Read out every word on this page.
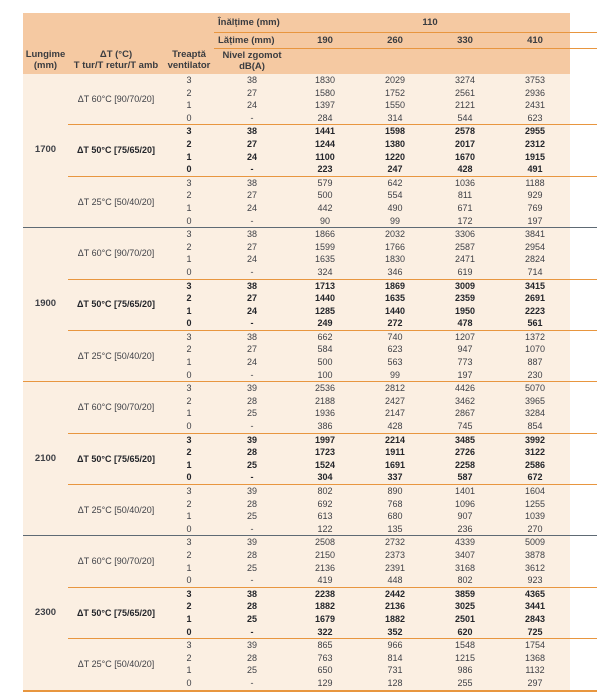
Lungime
(mm)

ΔT (°C)
T tur/T retur/T amb

Treaptă
ventilator
	Înălțime (mm)	110	
			Lățime (mm)	190	260	330	410	

			Nivel zgomot
dB(A)					

1700	ΔT 60°C [90/70/20]	3	38	1830	2029	3274	3753	
		2	27	1580	1752	2561	2936	
		1	24	1397	1550	2121	2431	
		0	-	284	314	544	623	
	ΔT 50°C [75/65/20]	3	38	1441	1598	2578	2955	
		2	27	1244	1380	2017	2312	
		1	24	1100	1220	1670	1915	
		0	-	223	247	428	491	
	ΔT 25°C [50/40/20]	3	38	579	642	1036	1188	
		2	27	500	554	811	929	
		1	24	442	490	671	769	
		0	-	90	99	172	197	
1900	ΔT 60°C [90/70/20]	3	38	1866	2032	3306	3841	
		2	27	1599	1766	2587	2954	
		1	24	1635	1830	2471	2824	
		0	-	324	346	619	714	
	ΔT 50°C [75/65/20]	3	38	1713	1869	3009	3415	
		2	27	1440	1635	2359	2691	
		1	24	1285	1440	1950	2223	
		0	-	249	272	478	561	
	ΔT 25°C [50/40/20]	3	38	662	740	1207	1372	
		2	27	584	623	947	1070	
		1	24	500	563	773	887	
		0	-	100	99	197	230	
2100	ΔT 60°C [90/70/20]	3	39	2536	2812	4426	5070	
		2	28	2188	2427	3462	3965	
		1	25	1936	2147	2867	3284	
		0	-	386	428	745	854	
	ΔT 50°C [75/65/20]	3	39	1997	2214	3485	3992	
		2	28	1723	1911	2726	3122	
		1	25	1524	1691	2258	2586	
		0	-	304	337	587	672	
	ΔT 25°C [50/40/20]	3	39	802	890	1401	1604	
		2	28	692	768	1096	1255	
		1	25	613	680	907	1039	
		0	-	122	135	236	270	
2300	ΔT 60°C [90/70/20]	3	39	2508	2732	4339	5009	
		2	28	2150	2373	3407	3878	
		1	25	2136	2391	3168	3612	
		0	-	419	448	802	923	
	ΔT 50°C [75/65/20]	3	38	2238	2442	3859	4365	
		2	28	1882	2136	3025	3441	
		1	25	1679	1882	2501	2843	
		0	-	322	352	620	725	
	ΔT 25°C [50/40/20]	3	39	865	966	1548	1754	
		2	28	763	814	1215	1368	
		1	25	650	731	986	1132	
		0	-	129	128	255	297	
